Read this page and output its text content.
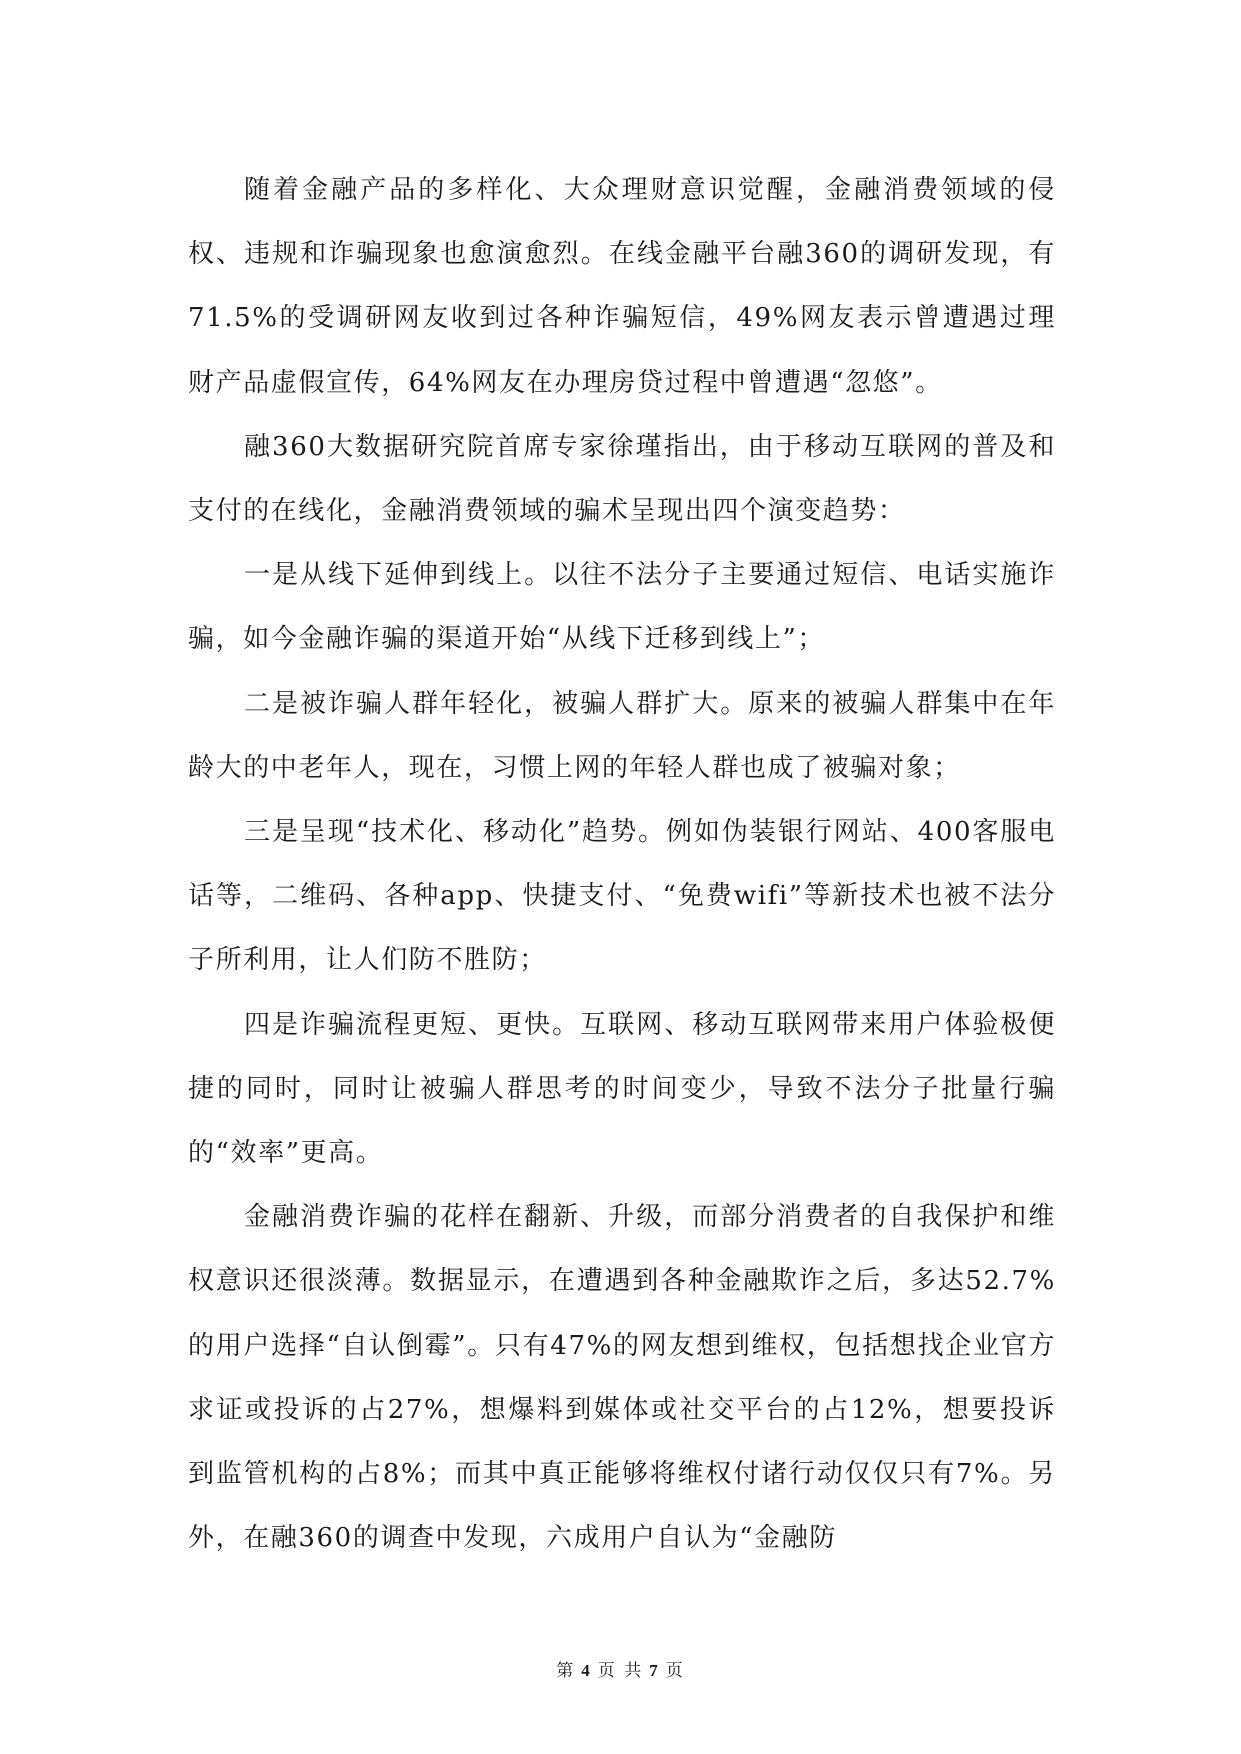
随着金融产品的多样化、大众理财意识觉醒，金融消费领域的侵权、违规和诈骗现象也愈演愈烈。在线金融平台融360的调研发现，有71.5%的受调研网友收到过各种诈骗短信，49%网友表示曾遭遇过理财产品虚假宣传，64%网友在办理房贷过程中曾遭遇“忽悠”。

融360大数据研究院首席专家徐瑾指出，由于移动互联网的普及和支付的在线化，金融消费领域的骗术呈现出四个演变趋势：

一是从线下延伸到线上。以往不法分子主要通过短信、电话实施诈骗，如今金融诈骗的渠道开始“从线下迁移到线上”；

二是被诈骗人群年轻化，被骗人群扩大。原来的被骗人群集中在年龄大的中老年人，现在，习惯上网的年轻人群也成了被骗对象；

三是呈现“技术化、移动化”趋势。例如伪装银行网站、400客服电话等，二维码、各种app、快捷支付、“免费wifi”等新技术也被不法分子所利用，让人们防不胜防；

四是诈骗流程更短、更快。互联网、移动互联网带来用户体验极便捷的同时，同时让被骗人群思考的时间变少，导致不法分子批量行骗的“效率”更高。

金融消费诈骗的花样在翻新、升级，而部分消费者的自我保护和维权意识还很淡薄。数据显示，在遭遇到各种金融欺诈之后，多达52.7%的用户选择“自认倒霉”。只有47%的网友想到维权，包括想找企业官方求证或投诉的占27%，想爆料到媒体或社交平台的占12%，想要投诉到监管机构的占8%；而其中真正能够将维权付诸行动仅仅只有7%。另外，在融360的调查中发现，六成用户自认为“金融防

第 4 页 共 7 页
